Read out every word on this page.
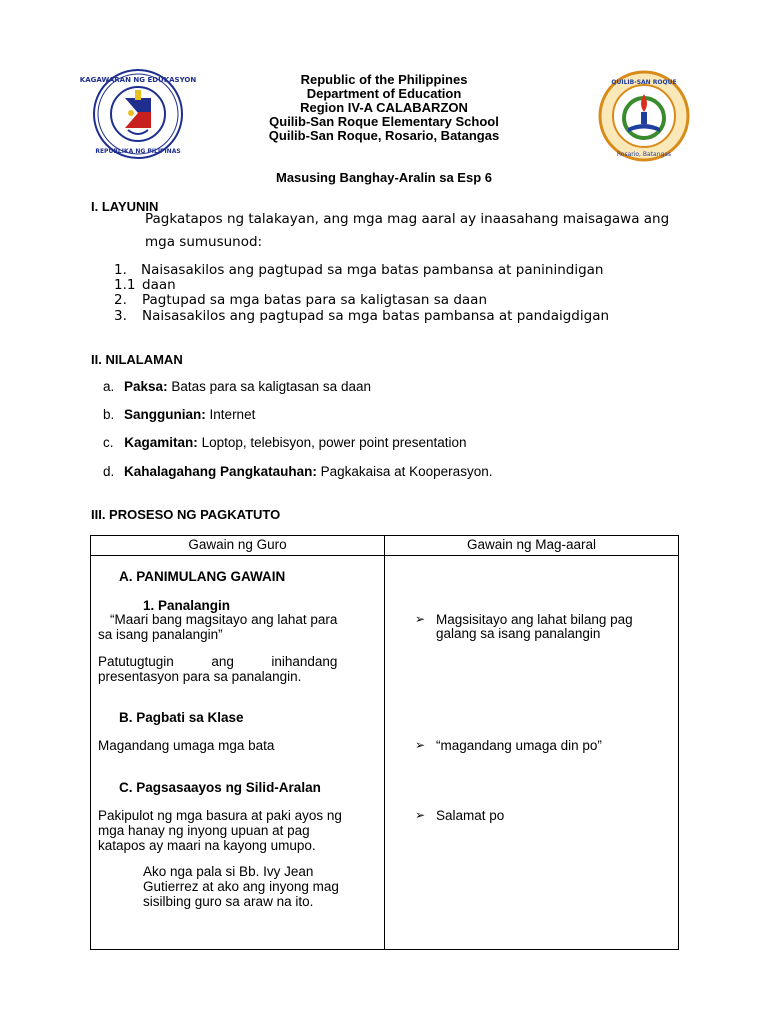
KAGAWARAN NG EDUKASYON
REPUBLIKA NG PILIPINAS
QUILIB-SAN ROQUE
Rosario, Batangas
Republic of the Philippines
Department of Education
Region IV-A CALABARZON
Quilib-San Roque Elementary School
Quilib-San Roque, Rosario, Batangas
Masusing Banghay-Aralin sa Esp 6
I. LAYUNIN
Pagkatapos ng talakayan, ang mga mag aaral ay inaasahang maisagawa ang
mga sumusunod:
1. Naisasakilos ang pagtupad sa mga batas pambansa at paninindigan
1.1 daan
2. Pagtupad sa mga batas para sa kaligtasan sa daan
3. Naisasakilos ang pagtupad sa mga batas pambansa at pandaigdigan
II. NILALAMAN
a. Paksa: Batas para sa kaligtasan sa daan
b. Sanggunian: Internet
c. Kagamitan: Loptop, telebisyon, power point presentation
d. Kahalagahang Pangkatauhan: Pagkakaisa at Kooperasyon.
III. PROSESO NG PAGKATUTO
Gawain ng Guro	Gawain ng Mag-aaral
A. PANIMULANG GAWAIN
1. Panalangin
“Maari bang magsitayo ang lahat para
sa isang panalangin”
Patutugtugin          ang          inihandang
presentasyon para sa panalangin.
B. Pagbati sa Klase
Magandang umaga mga bata
C. Pagsasaayos ng Silid-Aralan
Pakipulot ng mga basura at paki ayos ng
mga hanay ng inyong upuan at pag
katapos ay maari na kayong umupo.
Ako nga pala si Bb. Ivy Jean
Gutierrez at ako ang inyong mag
sisilbing guro sa araw na ito.
➢ Magsisitayo ang lahat bilang pag
galang sa isang panalangin
➢ “magandang umaga din po”
➢ Salamat po
